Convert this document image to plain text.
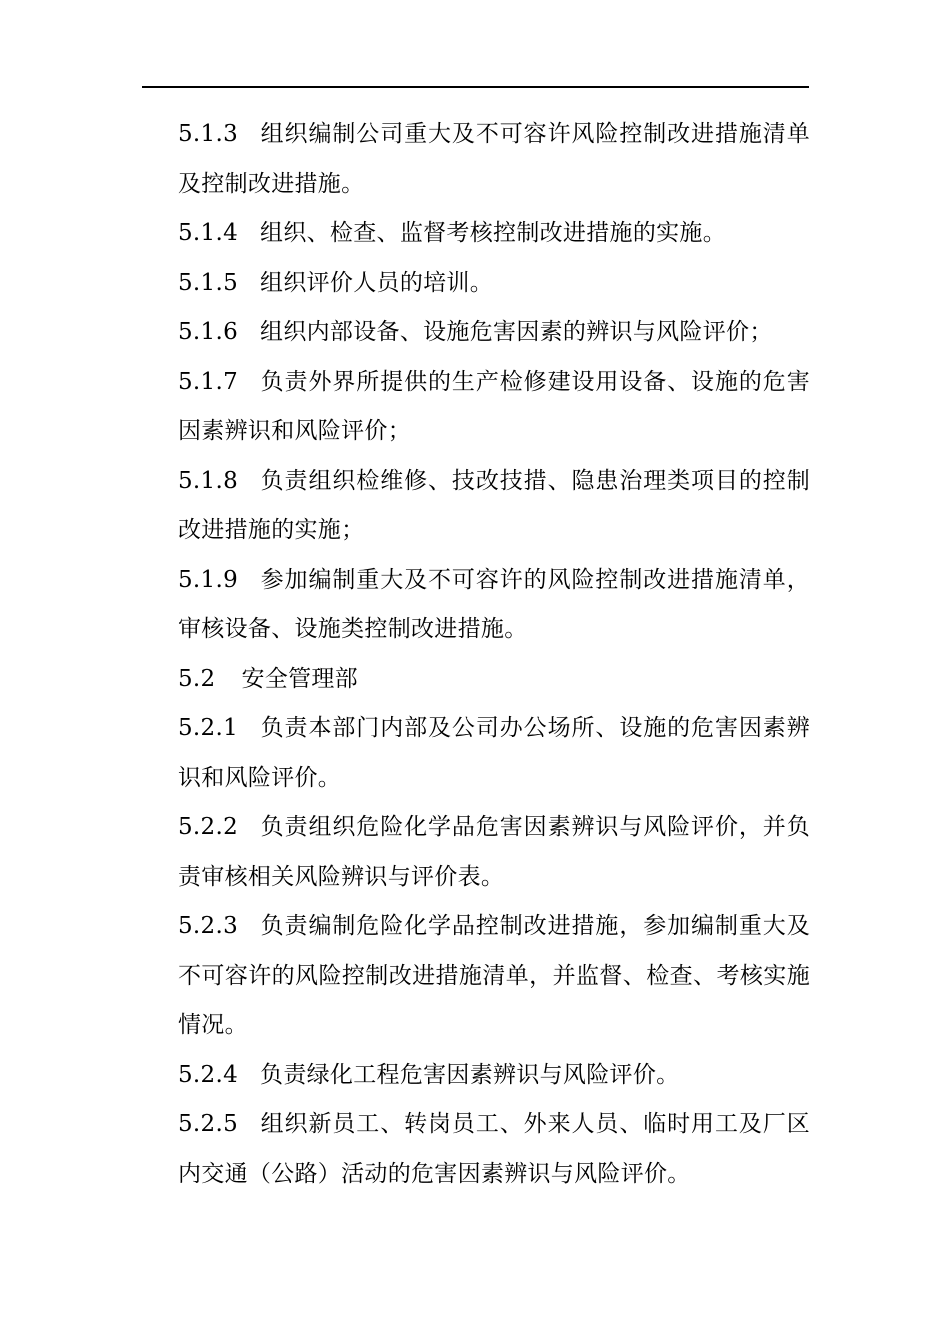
5.1.3 组织编制公司重大及不可容许风险控制改进措施清单及控制改进措施。

5.1.4 组织、检查、监督考核控制改进措施的实施。

5.1.5 组织评价人员的培训。

5.1.6 组织内部设备、设施危害因素的辨识与风险评价；

5.1.7 负责外界所提供的生产检修建设用设备、设施的危害因素辨识和风险评价；

5.1.8 负责组织检维修、技改技措、隐患治理类项目的控制改进措施的实施；

5.1.9 参加编制重大及不可容许的风险控制改进措施清单，审核设备、设施类控制改进措施。

5.2 安全管理部

5.2.1 负责本部门内部及公司办公场所、设施的危害因素辨识和风险评价。

5.2.2 负责组织危险化学品危害因素辨识与风险评价，并负责审核相关风险辨识与评价表。

5.2.3 负责编制危险化学品控制改进措施，参加编制重大及不可容许的风险控制改进措施清单，并监督、检查、考核实施情况。

5.2.4 负责绿化工程危害因素辨识与风险评价。

5.2.5 组织新员工、转岗员工、外来人员、临时用工及厂区内交通（公路）活动的危害因素辨识与风险评价。
